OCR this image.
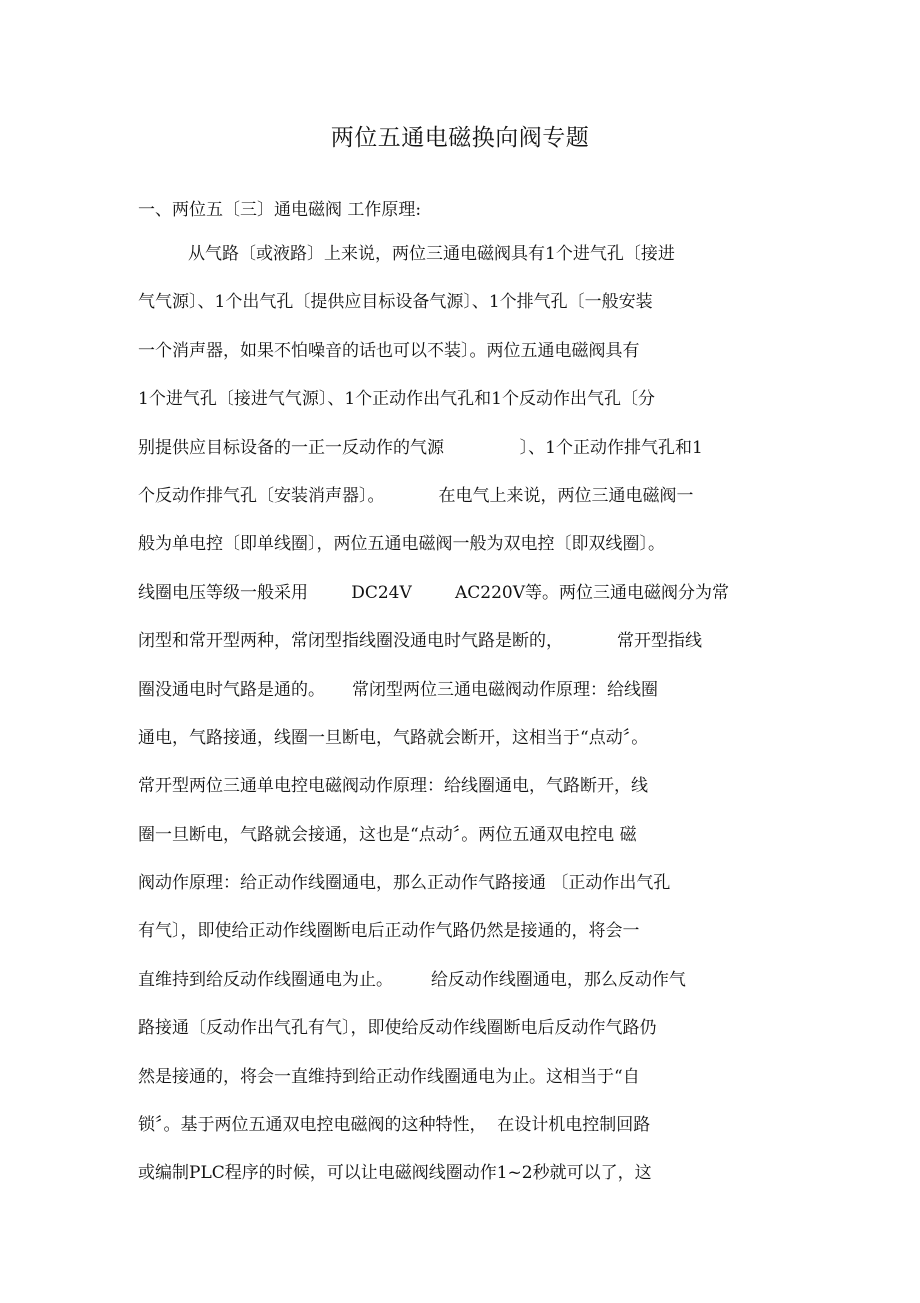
两位五通电磁换向阀专题
一、两位五〔三〕通电磁阀 工作原理:
从气路〔或液路〕上来说，两位三通电磁阀具有1个进气孔〔接进
气气源〕、1个出气孔〔提供应目标设备气源〕、1个排气孔〔一般安装
一个消声器，如果不怕噪音的话也可以不装〕。两位五通电磁阀具有
1个进气孔〔接进气气源〕、1个正动作出气孔和1个反动作出气孔〔分
别提供应目标设备的一正一反动作的气源              〕、1个正动作排气孔和1
个反动作排气孔〔安装消声器〕。          在电气上来说，两位三通电磁阀一
般为单电控〔即单线圈〕，两位五通电磁阀一般为双电控〔即双线圈〕。
线圈电压等级一般采用        DC24V        AC220V等。两位三通电磁阀分为常
闭型和常开型两种，常闭型指线圈没通电时气路是断的，          常开型指线
圈没通电时气路是通的。     常闭型两位三通电磁阀动作原理：给线圈
通电，气路接通，线圈一旦断电，气路就会断开，这相当于“点动〞。
常开型两位三通单电控电磁阀动作原理：给线圈通电，气路断开，线
圈一旦断电，气路就会接通，这也是“点动〞。两位五通双电控电 磁
阀动作原理：给正动作线圈通电，那么正动作气路接通 〔正动作出气孔
有气〕，即使给正动作线圈断电后正动作气路仍然是接通的，将会一
直维持到给反动作线圈通电为止。       给反动作线圈通电，那么反动作气
路接通〔反动作出气孔有气〕，即使给反动作线圈断电后反动作气路仍
然是接通的，将会一直维持到给正动作线圈通电为止。这相当于“自
锁〞。基于两位五通双电控电磁阀的这种特性，  在设计机电控制回路
或编制PLC程序的时候，可以让电磁阀线圈动作1~2秒就可以了，这
